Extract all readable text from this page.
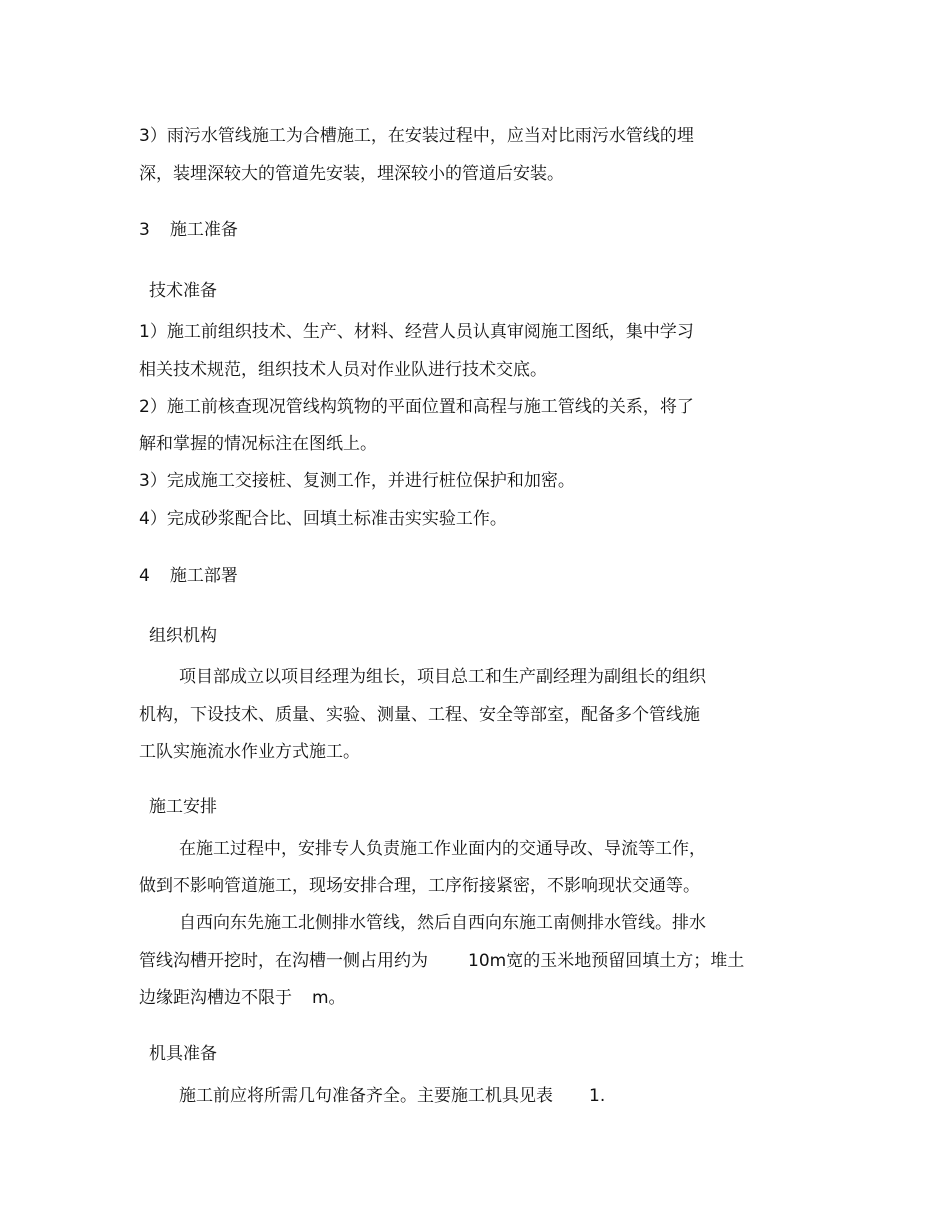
3）雨污水管线施工为合槽施工，在安装过程中，应当对比雨污水管线的埋
深，装埋深较大的管道先安装，埋深较小的管道后安装。
3 施工准备
技术准备
1）施工前组织技术、生产、材料、经营人员认真审阅施工图纸，集中学习
相关技术规范，组织技术人员对作业队进行技术交底。
2）施工前核查现况管线构筑物的平面位置和高程与施工管线的关系，将了
解和掌握的情况标注在图纸上。
3）完成施工交接桩、复测工作，并进行桩位保护和加密。
4）完成砂浆配合比、回填土标准击实实验工作。
4 施工部署
组织机构
项目部成立以项目经理为组长，项目总工和生产副经理为副组长的组织
机构，下设技术、质量、实验、测量、工程、安全等部室，配备多个管线施
工队实施流水作业方式施工。
施工安排
在施工过程中，安排专人负责施工作业面内的交通导改、导流等工作，
做到不影响管道施工，现场安排合理，工序衔接紧密，不影响现状交通等。
自西向东先施工北侧排水管线，然后自西向东施工南侧排水管线。排水
管线沟槽开挖时，在沟槽一侧占用约为 10m宽的玉米地预留回填土方；堆土
边缘距沟槽边不限于 m。
机具准备
施工前应将所需几句准备齐全。主要施工机具见表 1.
